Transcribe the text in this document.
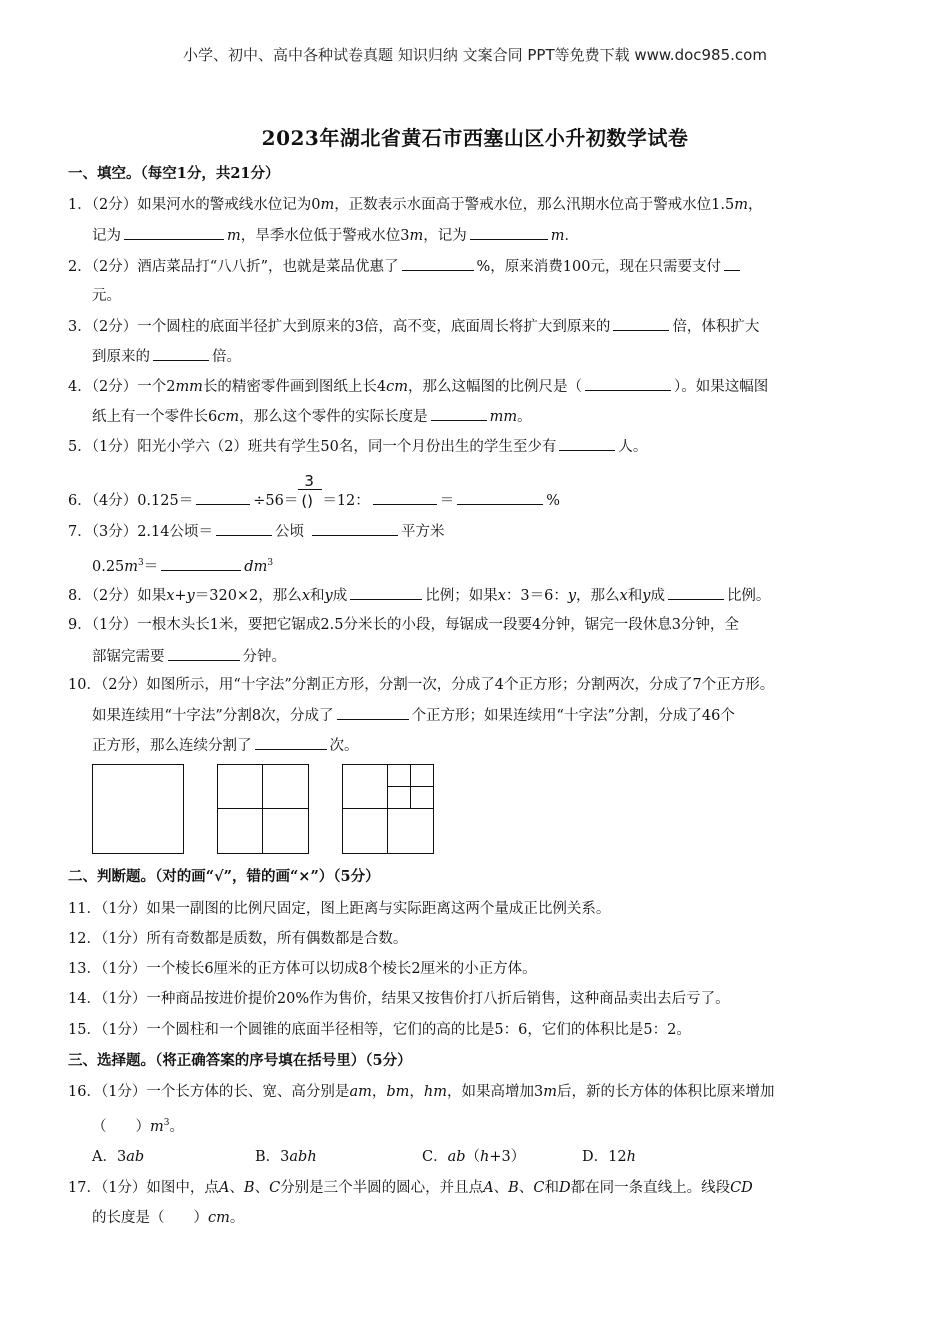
小学、初中、高中各种试卷真题 知识归纳 文案合同 PPT等免费下载 www.doc985.com
2023年湖北省黄石市西塞山区小升初数学试卷
一、填空。（每空1分，共21分）
1．（2分）如果河水的警戒线水位记为0m，正数表示水面高于警戒水位，那么汛期水位高于警戒水位1.5m，
记为	m，旱季水位低于警戒水位3m，记为	m．
2．（2分）酒店菜品打“八八折”，也就是菜品优惠了	%，原来消费100元，现在只需要支付
元。
3．（2分）一个圆柱的底面半径扩大到原来的3倍，高不变，底面周长将扩大到原来的	倍，体积扩大
到原来的	倍。
4．（2分）一个2mm长的精密零件画到图纸上长4cm，那么这幅图的比例尺是（	）。如果这幅图
纸上有一个零件长6cm，那么这个零件的实际长度是	mm。
5．（1分）阳光小学六（2）班共有学生50名，同一个月份出生的学生至少有	人。
6．（4分）0.125＝	$\div 56= \frac{3}{()} =12$：	＝	%
7．（3分）2.14公顷＝	公顷	平方米
$0.25m^3=$	$dm^3$
8．（2分）如果x+y＝320×2，那么x和y成	比例；如果x：3＝6：y，那么x和y成	比例。
9．（1分）一根木头长1米，要把它锯成2.5分米长的小段，每锯成一段要4分钟，锯完一段休息3分钟，全
部锯完需要	分钟。
10．（2分）如图所示，用“十字法”分割正方形，分割一次，分成了4个正方形；分割两次，分成了7个正方形。
如果连续用“十字法”分割8次，分成了	个正方形；如果连续用“十字法”分割，分成了46个
正方形，那么连续分割了	次。
二、判断题。（对的画“√”，错的画“×”）（5分）
11．（1分）如果一副图的比例尺固定，图上距离与实际距离这两个量成正比例关系。
12．（1分）所有奇数都是质数，所有偶数都是合数。
13．（1分）一个棱长6厘米的正方体可以切成8个棱长2厘米的小正方体。
14．（1分）一种商品按进价提价20%作为售价，结果又按售价打八折后销售，这种商品卖出去后亏了。
15．（1分）一个圆柱和一个圆锥的底面半径相等，它们的高的比是5：6，它们的体积比是5：2。
三、选择题。（将正确答案的序号填在括号里）（5分）
16．（1分）一个长方体的长、宽、高分别是am，bm，hm，如果高增加3m后，新的长方体的体积比原来增加
（　　）$m^3$。
A．3ab	B．3abh	C．ab（h+3）	D．12h
17．（1分）如图中，点A、B、C分别是三个半圆的圆心，并且点A、B、C和D都在同一条直线上。线段CD
的长度是（　　）cm。
